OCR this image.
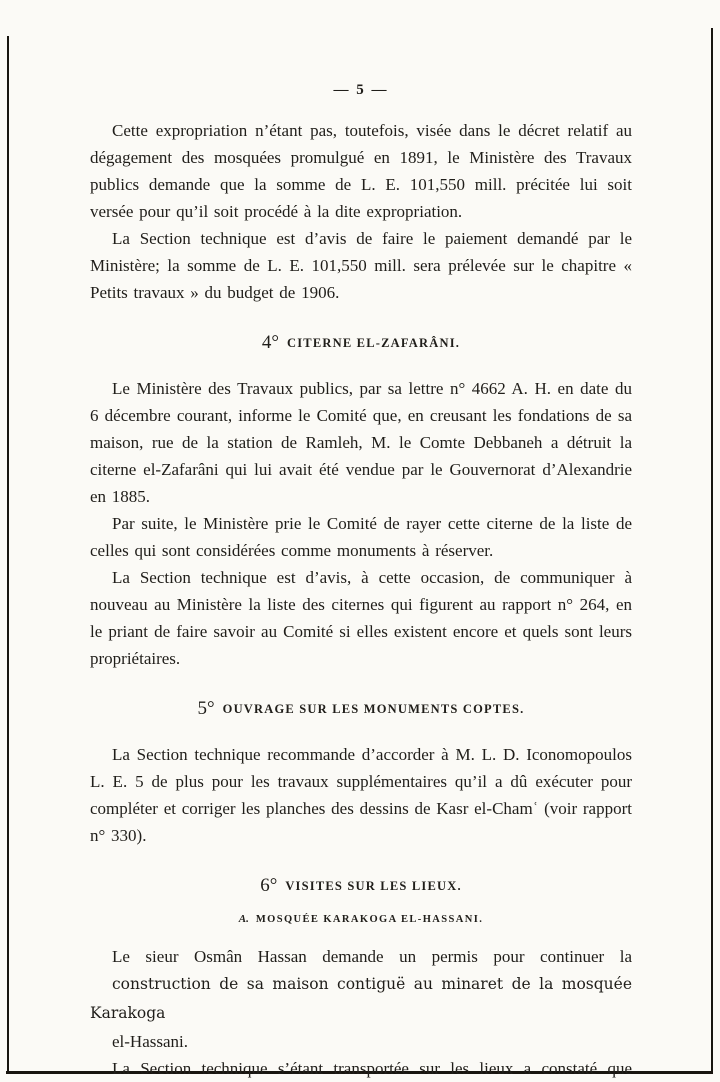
— 5 —

Cette expropriation n’étant pas, toutefois, visée dans le décret relatif au dégagement des mosquées promulgué en 1891, le Ministère des Travaux publics demande que la somme de L. E. 101,550 mill. précitée lui soit versée pour qu’il soit procédé à la dite expropriation.

La Section technique est d’avis de faire le paiement demandé par le Ministère; la somme de L. E. 101,550 mill. sera prélevée sur le chapitre « Petits travaux » du budget de 1906.

4° CITERNE EL-ZAFARÂNI.

Le Ministère des Travaux publics, par sa lettre n° 4662 A. H. en date du 6 décembre courant, informe le Comité que, en creusant les fondations de sa maison, rue de la station de Ramleh, M. le Comte Debbaneh a détruit la citerne el-Zafarâni qui lui avait été vendue par le Gouvernorat d’Alexandrie en 1885.

Par suite, le Ministère prie le Comité de rayer cette citerne de la liste de celles qui sont considérées comme monuments à réserver.

La Section technique est d’avis, à cette occasion, de communiquer à nouveau au Ministère la liste des citernes qui figurent au rapport n° 264, en le priant de faire savoir au Comité si elles existent encore et quels sont leurs propriétaires.

5° OUVRAGE SUR LES MONUMENTS COPTES.

La Section technique recommande d’accorder à M. L. D. Iconomopoulos L. E. 5 de plus pour les travaux supplémentaires qu’il a dû exécuter pour compléter et corriger les planches des dessins de Kasr el-Chamʿ (voir rapport n° 330).

6° VISITES SUR LES LIEUX.
A. MOSQUÉE KARAKOGA EL-HASSANI.
Le sieur Osmân Hassan demande un permis pour continuer la
construction de sa maison contiguë au minaret de la mosquée Karakoga
el-Hassani.

La Section technique s’étant transportée sur les lieux a constaté que
